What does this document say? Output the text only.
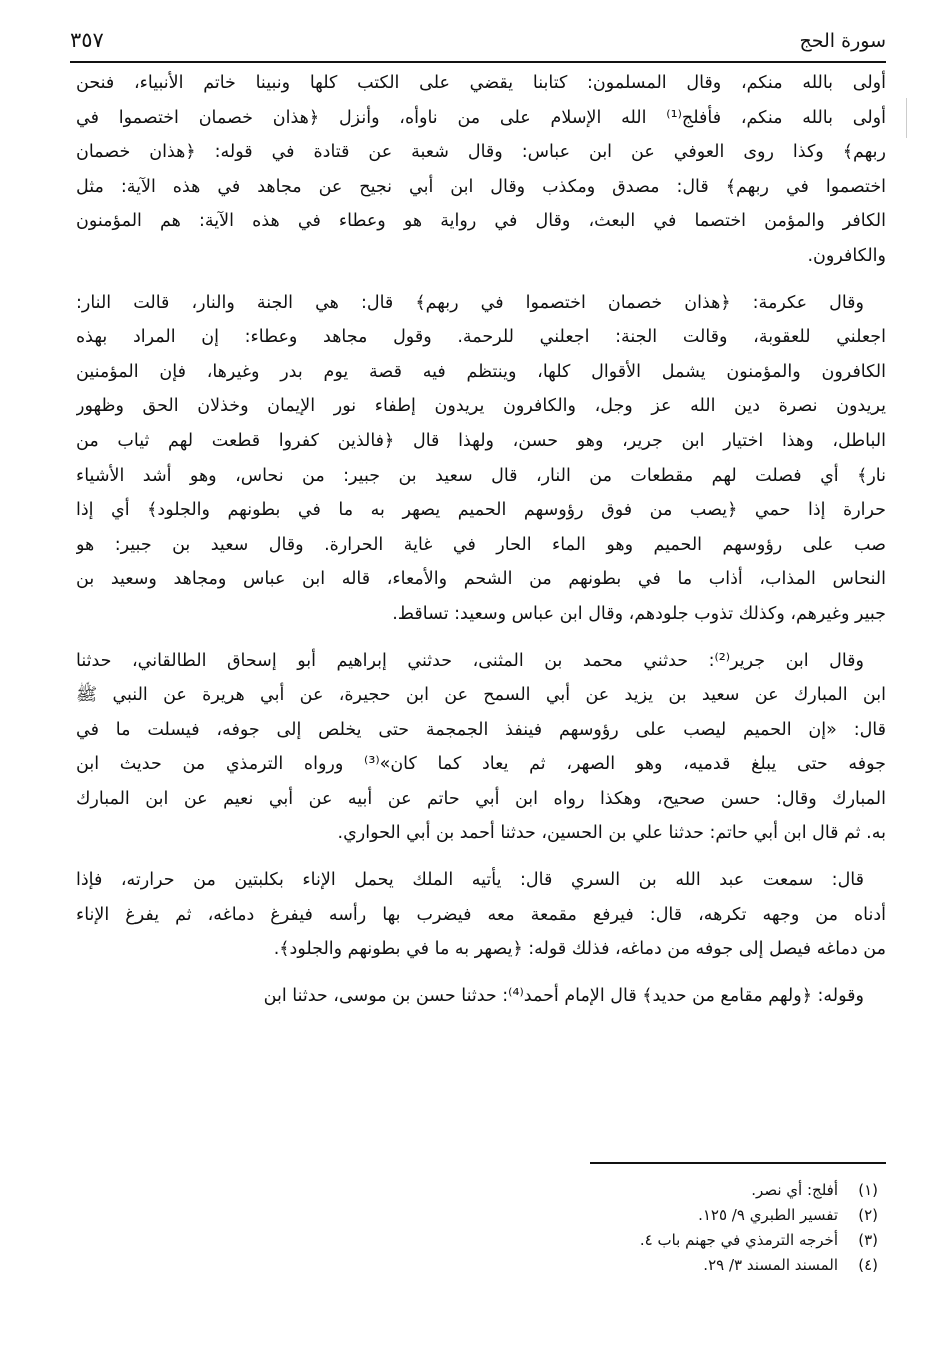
سورة الحج
٣٥٧
أولى بالله منكم، وقال المسلمون: كتابنا يقضي على الكتب كلها ونبينا خاتم الأنبياء، فنحن
أولى بالله منكم، فأفلج⁽¹⁾ الله الإسلام على من ناوأه، وأنزل ﴿هذان خصمان اختصموا في
ربهم﴾ وكذا روى العوفي عن ابن عباس: وقال شعبة عن قتادة في قوله: ﴿هذان خصمان
اختصموا في ربهم﴾ قال: مصدق ومكذب وقال ابن أبي نجيح عن مجاهد في هذه الآية: مثل
الكافر والمؤمن اختصما في البعث، وقال في رواية هو وعطاء في هذه الآية: هم المؤمنون
والكافرون.
وقال عكرمة: ﴿هذان خصمان اختصموا في ربهم﴾ قال: هي الجنة والنار، قالت النار:
اجعلني للعقوبة، وقالت الجنة: اجعلني للرحمة. وقول مجاهد وعطاء: إن المراد بهذه
الكافرون والمؤمنون يشمل الأقوال كلها، وينتظم فيه قصة يوم بدر وغيرها، فإن المؤمنين
يريدون نصرة دين الله عز وجل، والكافرون يريدون إطفاء نور الإيمان وخذلان الحق وظهور
الباطل، وهذا اختيار ابن جرير، وهو حسن، ولهذا قال ﴿فالذين كفروا قطعت لهم ثياب من
نار﴾ أي فصلت لهم مقطعات من النار، قال سعيد بن جبير: من نحاس، وهو أشد الأشياء
حرارة إذا حمي ﴿يصب من فوق رؤوسهم الحميم يصهر به ما في بطونهم والجلود﴾ أي إذا
صب على رؤوسهم الحميم وهو الماء الحار في غاية الحرارة. وقال سعيد بن جبير: هو
النحاس المذاب، أذاب ما في بطونهم من الشحم والأمعاء، قاله ابن عباس ومجاهد وسعيد بن
جبير وغيرهم، وكذلك تذوب جلودهم، وقال ابن عباس وسعيد: تساقط.
وقال ابن جرير⁽²⁾: حدثني محمد بن المثنى، حدثني إبراهيم أبو إسحاق الطالقاني، حدثنا
ابن المبارك عن سعيد بن يزيد عن أبي السمح عن ابن حجيرة، عن أبي هريرة عن النبي ﷺ
قال: «إن الحميم ليصب على رؤوسهم فينفذ الجمجمة حتى يخلص إلى جوفه، فيسلت ما في
جوفه حتى يبلغ قدميه، وهو الصهر، ثم يعاد كما كان»⁽³⁾ ورواه الترمذي من حديث ابن
المبارك وقال: حسن صحيح، وهكذا رواه ابن أبي حاتم عن أبيه عن أبي نعيم عن ابن المبارك
به. ثم قال ابن أبي حاتم: حدثنا علي بن الحسين، حدثنا أحمد بن أبي الحواري.
قال: سمعت عبد الله بن السري قال: يأتيه الملك يحمل الإناء بكلبتين من حرارته، فإذا
أدناه من وجهه تكرهه، قال: فيرفع مقمعة معه فيضرب بها رأسه فيفرغ دماغه، ثم يفرغ الإناء
من دماغه فيصل إلى جوفه من دماغه، فذلك قوله: ﴿يصهر به ما في بطونهم والجلود﴾.
وقوله: ﴿ولهم مقامع من حديد﴾ قال الإمام أحمد⁽⁴⁾: حدثنا حسن بن موسى، حدثنا ابن
(١)أفلج: أي نصر.
(٢)تفسير الطبري ٩/ ١٢٥.
(٣)أخرجه الترمذي في جهنم باب ٤.
(٤)المسند المسند ٣/ ٢٩.
